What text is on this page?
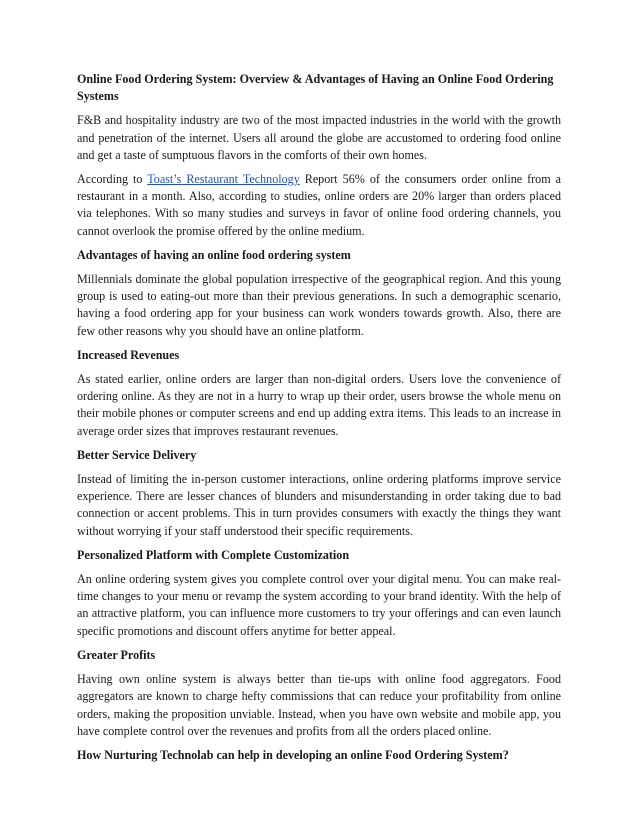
Online Food Ordering System: Overview & Advantages of Having an Online Food Ordering Systems

F&B and hospitality industry are two of the most impacted industries in the world with the growth and penetration of the internet. Users all around the globe are accustomed to ordering food online and get a taste of sumptuous flavors in the comforts of their own homes.

According to Toast’s Restaurant Technology Report 56% of the consumers order online from a restaurant in a month. Also, according to studies, online orders are 20% larger than orders placed via telephones. With so many studies and surveys in favor of online food ordering channels, you cannot overlook the promise offered by the online medium.

Advantages of having an online food ordering system

Millennials dominate the global population irrespective of the geographical region. And this young group is used to eating-out more than their previous generations. In such a demographic scenario, having a food ordering app for your business can work wonders towards growth. Also, there are few other reasons why you should have an online platform.

Increased Revenues

As stated earlier, online orders are larger than non-digital orders. Users love the convenience of ordering online. As they are not in a hurry to wrap up their order, users browse the whole menu on their mobile phones or computer screens and end up adding extra items. This leads to an increase in average order sizes that improves restaurant revenues.

Better Service Delivery

Instead of limiting the in-person customer interactions, online ordering platforms improve service experience. There are lesser chances of blunders and misunderstanding in order taking due to bad connection or accent problems. This in turn provides consumers with exactly the things they want without worrying if your staff understood their specific requirements.

Personalized Platform with Complete Customization

An online ordering system gives you complete control over your digital menu. You can make real-time changes to your menu or revamp the system according to your brand identity. With the help of an attractive platform, you can influence more customers to try your offerings and can even launch specific promotions and discount offers anytime for better appeal.

Greater Profits

Having own online system is always better than tie-ups with online food aggregators. Food aggregators are known to charge hefty commissions that can reduce your profitability from online orders, making the proposition unviable. Instead, when you have own website and mobile app, you have complete control over the revenues and profits from all the orders placed online.

How Nurturing Technolab can help in developing an online Food Ordering System?
